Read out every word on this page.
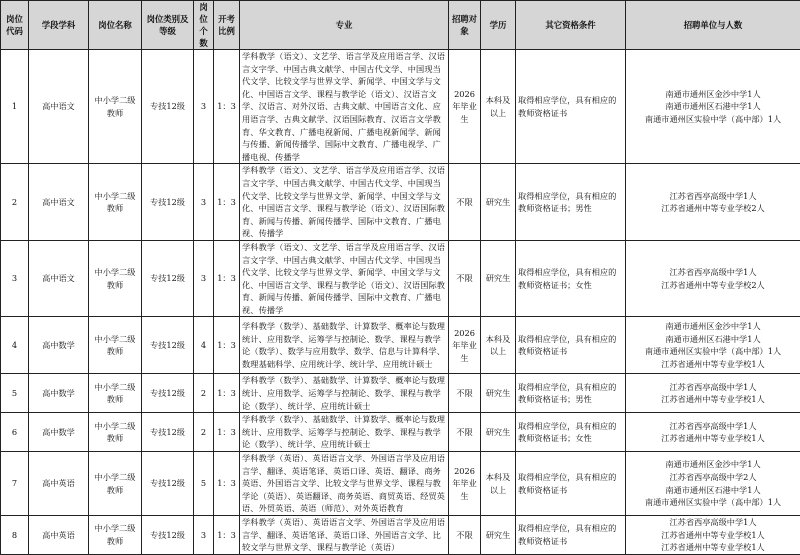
岗位代码	学段学科	岗位名称	岗位类别及等级	岗位个数	开考比例	专业	招聘对象	学历	其它资格条件	招聘单位与人数
1	高中语文	中小学二级教师	专技12级	3	1：3	学科教学（语文）、文艺学、语言学及应用语言学、汉语言文字学、中国古典文献学、中国古代文学、中国现当代文学、比较文学与世界文学、新闻学、中国文学与文化、中国语言文学、课程与教学论（语文）、汉语言文学、汉语言、对外汉语、古典文献、中国语言文化、应用语言学、古典文献学、汉语国际教育、汉语言文学教育、华文教育、广播电视新闻、广播电视新闻学、新闻与传播、新闻传播学、国际中文教育、广播电视学、广播电视、传播学	2026年毕业生	本科及以上	取得相应学位，具有相应的教师资格证书	南通市通州区金沙中学1人
南通市通州区石港中学1人
南通市通州区实验中学（高中部）1人

2	高中语文	中小学二级教师	专技12级	3	1：3	学科教学（语文）、文艺学、语言学及应用语言学、汉语言文字学、中国古典文献学、中国古代文学、中国现当代文学、比较文学与世界文学、新闻学、中国文学与文化、中国语言文学、课程与教学论（语文）、汉语国际教育、新闻与传播、新闻传播学、国际中文教育、广播电视、传播学	不限	研究生	取得相应学位，具有相应的教师资格证书；男性	江苏省西亭高级中学1人
江苏省通州中等专业学校2人

3	高中语文	中小学二级教师	专技12级	3	1：3	学科教学（语文）、文艺学、语言学及应用语言学、汉语言文字学、中国古典文献学、中国古代文学、中国现当代文学、比较文学与世界文学、新闻学、中国文学与文化、中国语言文学、课程与教学论（语文）、汉语国际教育、新闻与传播、新闻传播学、国际中文教育、广播电视、传播学	不限	研究生	取得相应学位，具有相应的教师资格证书；女性	江苏省西亭高级中学1人
江苏省通州中等专业学校2人

4	高中数学	中小学二级教师	专技12级	4	1：3	学科教学（数学）、基础数学、计算数学、概率论与数理统计、应用数学、运筹学与控制论、数学、课程与教学论（数学）、数学与应用数学、数学、信息与计算科学、数理基础科学、应用统计学、统计学、应用统计硕士	2026年毕业生	本科及以上	取得相应学位，具有相应的教师资格证书	南通市通州区金沙中学1人
南通市通州区石港中学1人
南通市通州区实验中学（高中部）1人
江苏省通州中等专业学校1人

5	高中数学	中小学二级教师	专技12级	2	1：3	学科教学（数学）、基础数学、计算数学、概率论与数理统计、应用数学、运筹学与控制论、数学、课程与教学论（数学）、统计学、应用统计硕士	不限	研究生	取得相应学位，具有相应的教师资格证书；男性	江苏省西亭高级中学1人
江苏省通州中等专业学校1人

6	高中数学	中小学二级教师	专技12级	2	1：3	学科教学（数学）、基础数学、计算数学、概率论与数理统计、应用数学、运筹学与控制论、数学、课程与教学论（数学）、统计学、应用统计硕士	不限	研究生	取得相应学位，具有相应的教师资格证书；女性	江苏省西亭高级中学1人
江苏省通州中等专业学校1人

7	高中英语	中小学二级教师	专技12级	5	1：3	学科教学（英语）、英语语言文学、外国语言学及应用语言学、翻译、英语笔译、英语口译、英语、翻译、商务英语、外国语言文学、比较文学与世界文学、课程与教学论（英语）、英语翻译、商务英语、商贸英语、经贸英语、外贸英语、英语（师范）、对外英语教育	2026年毕业生	本科及以上	取得相应学位，具有相应的教师资格证书	南通市通州区金沙中学1人
江苏省西亭高级中学2人
南通市通州区石港中学1人
南通市通州区实验中学（高中部）1人

8	高中英语	中小学二级教师	专技12级	3	1：3	学科教学（英语）、英语语言文学、外国语言学及应用语言学、翻译、英语笔译、英语口译、外国语言文学、比较文学与世界文学、课程与教学论（英语）	不限	研究生	取得相应学位，具有相应的教师资格证书	江苏省西亭高级中学1人
江苏省通州中等专业学校1人
江苏省通州中等专业学校1人
